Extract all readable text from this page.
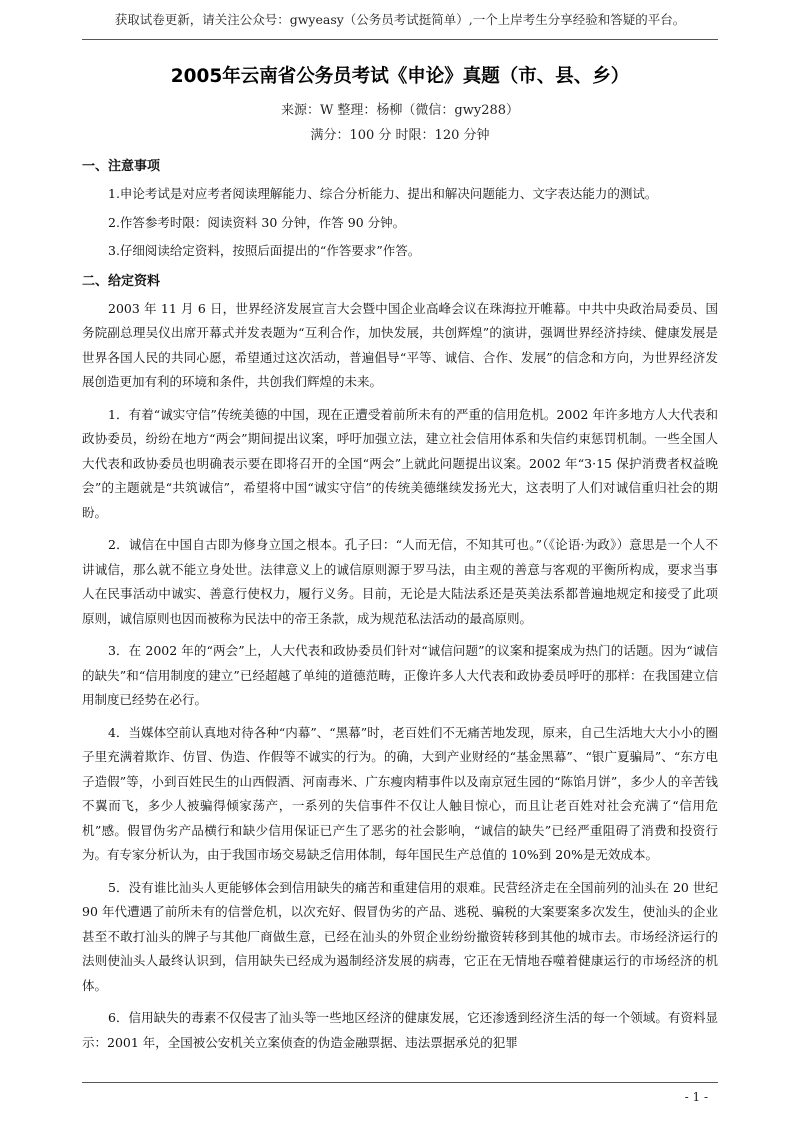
获取试卷更新，请关注公众号：gwyeasy（公务员考试挺简单）,一个上岸考生分享经验和答疑的平台。
2005年云南省公务员考试《申论》真题（市、县、乡）

来源：W 整理：杨柳（微信：gwy288）

满分：100 分 时限：120 分钟

一、注意事项

1.申论考试是对应考者阅读理解能力、综合分析能力、提出和解决问题能力、文字表达能力的测试。

2.作答参考时限：阅读资料 30 分钟，作答 90 分钟。

3.仔细阅读给定资料，按照后面提出的“作答要求”作答。

二、给定资料

2003 年 11 月 6 日，世界经济发展宣言大会暨中国企业高峰会议在珠海拉开帷幕。中共中央政治局委员、国务院副总理吴仪出席开幕式并发表题为“互利合作，加快发展，共创辉煌”的演讲，强调世界经济持续、健康发展是世界各国人民的共同心愿，希望通过这次活动，普遍倡导“平等、诚信、合作、发展”的信念和方向，为世界经济发展创造更加有利的环境和条件，共创我们辉煌的未来。

1．有着“诚实守信”传统美德的中国，现在正遭受着前所未有的严重的信用危机。2002 年许多地方人大代表和政协委员，纷纷在地方“两会”期间提出议案，呼吁加强立法，建立社会信用体系和失信约束惩罚机制。一些全国人大代表和政协委员也明确表示要在即将召开的全国“两会”上就此问题提出议案。2002 年“3·15 保护消费者权益晚会”的主题就是“共筑诚信”，希望将中国“诚实守信”的传统美德继续发扬光大，这表明了人们对诚信重归社会的期盼。

2．诚信在中国自古即为修身立国之根本。孔子曰：“人而无信，不知其可也。”（《论语·为政》）意思是一个人不讲诚信，那么就不能立身处世。法律意义上的诚信原则源于罗马法，由主观的善意与客观的平衡所构成，要求当事人在民事活动中诚实、善意行使权力，履行义务。目前，无论是大陆法系还是英美法系都普遍地规定和接受了此项原则，诚信原则也因而被称为民法中的帝王条款，成为规范私法活动的最高原则。

3．在 2002 年的“两会”上，人大代表和政协委员们针对“诚信问题”的议案和提案成为热门的话题。因为“诚信的缺失”和“信用制度的建立”已经超越了单纯的道德范畴，正像许多人大代表和政协委员呼吁的那样：在我国建立信用制度已经势在必行。

4．当媒体空前认真地对待各种“内幕”、“黑幕”时，老百姓们不无痛苦地发现，原来，自己生活地大大小小的圈子里充满着欺诈、仿冒、伪造、作假等不诚实的行为。的确，大到产业财经的“基金黑幕”、“银广夏骗局”、“东方电子造假”等，小到百姓民生的山西假酒、河南毒米、广东瘦肉精事件以及南京冠生园的“陈馅月饼”，多少人的辛苦钱不翼而飞，多少人被骗得倾家荡产，一系列的失信事件不仅让人触目惊心，而且让老百姓对社会充满了“信用危机”感。假冒伪劣产品横行和缺少信用保证已产生了恶劣的社会影响，“诚信的缺失”已经严重阻碍了消费和投资行为。有专家分析认为，由于我国市场交易缺乏信用体制，每年国民生产总值的 10%到 20%是无效成本。

5．没有谁比汕头人更能够体会到信用缺失的痛苦和重建信用的艰难。民营经济走在全国前列的汕头在 20 世纪 90 年代遭遇了前所未有的信誉危机，以次充好、假冒伪劣的产品、逃税、骗税的大案要案多次发生，使汕头的企业甚至不敢打汕头的牌子与其他厂商做生意，已经在汕头的外贸企业纷纷撤资转移到其他的城市去。市场经济运行的法则使汕头人最终认识到，信用缺失已经成为遏制经济发展的病毒，它正在无情地吞噬着健康运行的市场经济的机体。

6．信用缺失的毒素不仅侵害了汕头等一些地区经济的健康发展，它还渗透到经济生活的每一个领域。有资料显示：2001 年，全国被公安机关立案侦查的伪造金融票据、违法票据承兑的犯罪

- 1 -
